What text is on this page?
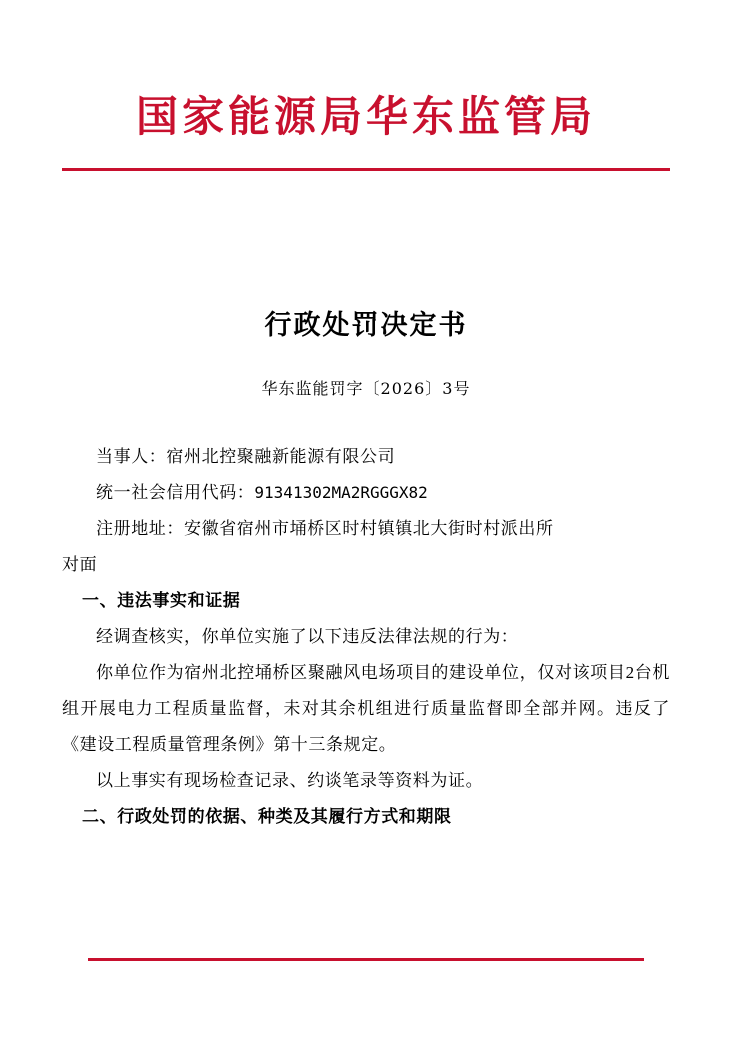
国家能源局华东监管局
行政处罚决定书
华东监能罚字〔2026〕3号

当事人：宿州北控聚融新能源有限公司

统一社会信用代码：91341302MA2RGGGX82

注册地址：安徽省宿州市埇桥区时村镇镇北大街时村派出所

对面

一、违法事实和证据

经调查核实，你单位实施了以下违反法律法规的行为：

你单位作为宿州北控埇桥区聚融风电场项目的建设单位，仅对该项目2台机组开展电力工程质量监督，未对其余机组进行质量监督即全部并网。违反了《建设工程质量管理条例》第十三条规定。

以上事实有现场检查记录、约谈笔录等资料为证。

二、行政处罚的依据、种类及其履行方式和期限
